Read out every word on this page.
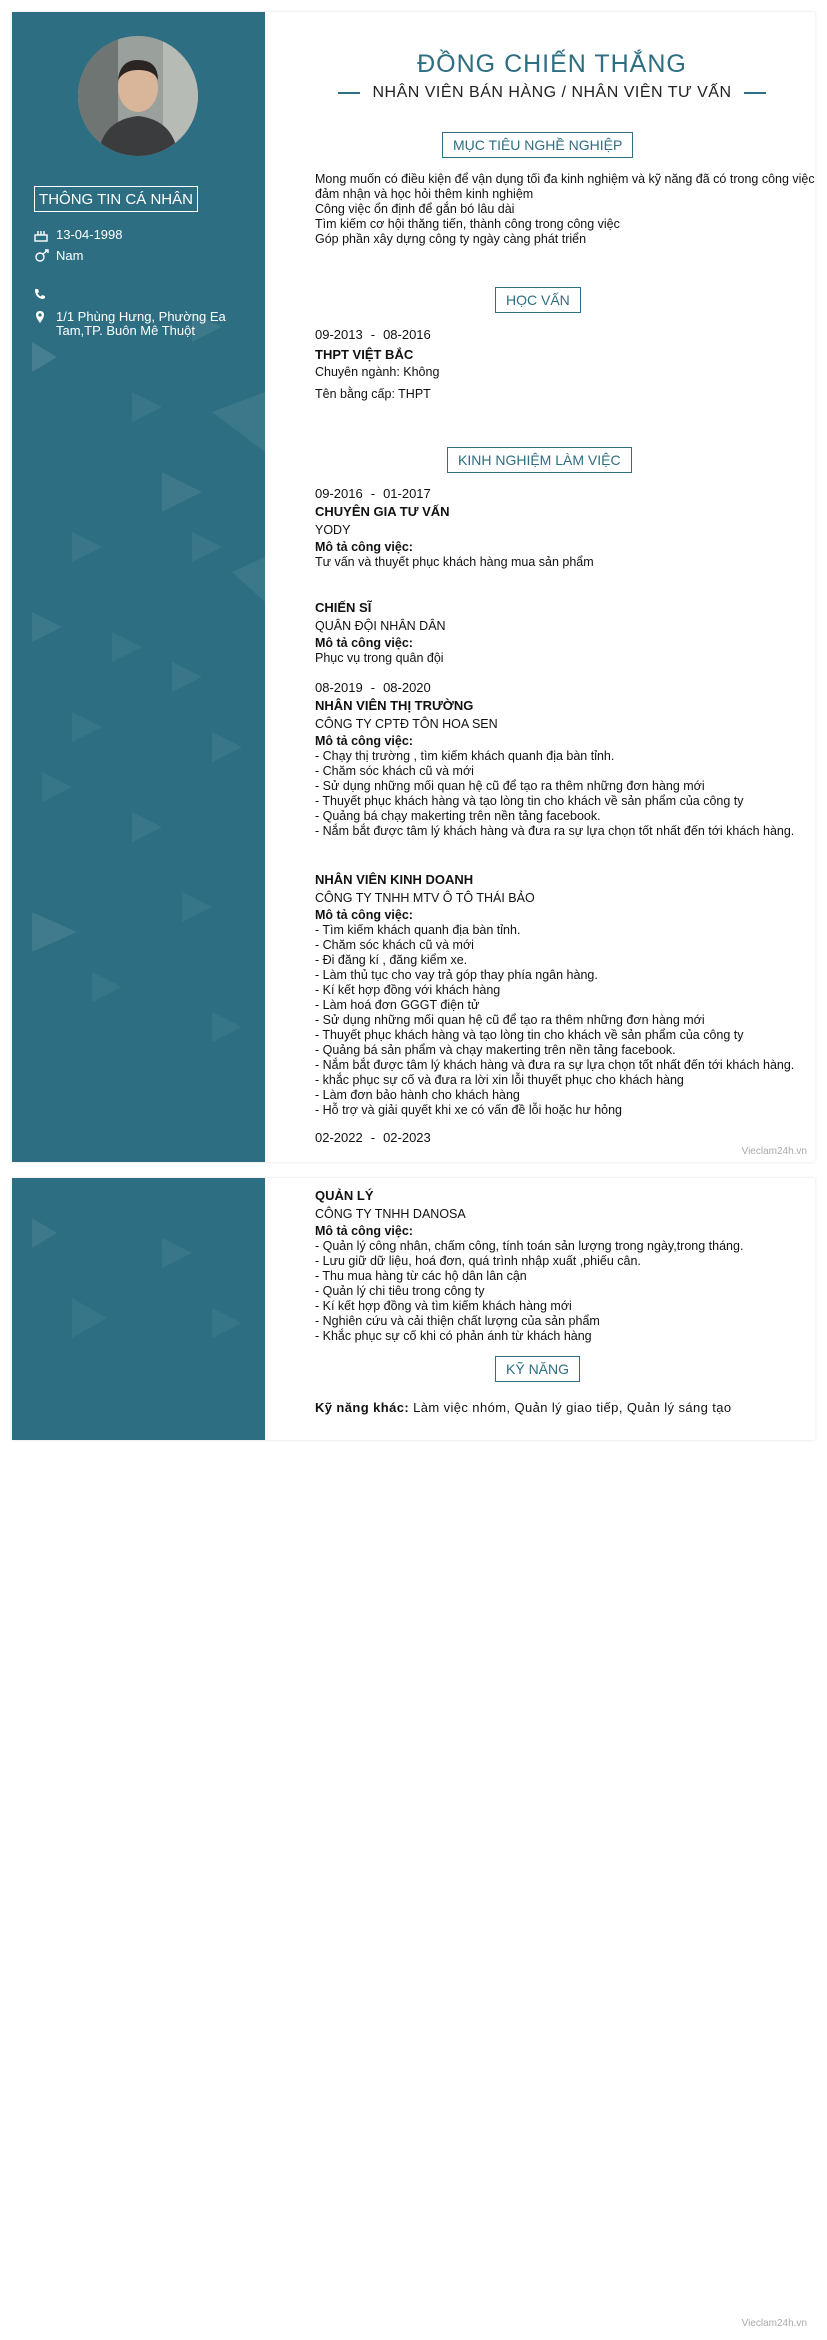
THÔNG TIN CÁ NHÂN
13-04-1998
Nam
1/1 Phùng Hưng, Phường Ea
Tam,TP. Buôn Mê Thuột
ĐỒNG CHIẾN THẮNG
NHÂN VIÊN BÁN HÀNG / NHÂN VIÊN TƯ VẤN
MỤC TIÊU NGHỀ NGHIỆP
Mong muốn có điều kiện để vận dụng tối đa kinh nghiệm và kỹ năng đã có trong công việc
đảm nhận và học hỏi thêm kinh nghiệm
Công việc ổn định để gắn bó lâu dài
Tìm kiếm cơ hội thăng tiến, thành công trong công việc
Góp phần xây dựng công ty ngày càng phát triển
HỌC VẤN
09-2013 - 08-2016
THPT VIỆT BẮC
Chuyên ngành: Không
Tên bằng cấp: THPT
KINH NGHIỆM LÀM VIỆC
09-2016 - 01-2017
CHUYÊN GIA TƯ VẤN
YODY
Mô tả công việc:
Tư vấn và thuyết phục khách hàng mua sản phẩm
CHIẾN SĨ
QUÂN ĐỘI NHÂN DÂN
Mô tả công việc:
Phục vụ trong quân đội
08-2019 - 08-2020
NHÂN VIÊN THỊ TRƯỜNG
CÔNG TY CPTĐ TÔN HOA SEN
Mô tả công việc:
- Chạy thị trường , tìm kiếm khách quanh địa bàn tỉnh.
- Chăm sóc khách cũ và mới
- Sử dụng những mối quan hệ cũ để tạo ra thêm những đơn hàng mới
- Thuyết phục khách hàng và tạo lòng tin cho khách về sản phẩm của công ty
- Quảng bá chạy makerting trên nền tảng facebook.
- Nắm bắt được tâm lý khách hàng và đưa ra sự lựa chọn tốt nhất đến tới khách hàng.
NHÂN VIÊN KINH DOANH
CÔNG TY TNHH MTV Ô TÔ THÁI BẢO
Mô tả công việc:
- Tìm kiếm khách quanh địa bàn tỉnh.
- Chăm sóc khách cũ và mới
- Đi đăng kí , đăng kiểm xe.
- Làm thủ tục cho vay trả góp thay phía ngân hàng.
- Kí kết hợp đồng với khách hàng
- Làm hoá đơn GGGT điện tử
- Sử dụng những mối quan hệ cũ để tạo ra thêm những đơn hàng mới
- Thuyết phục khách hàng và tạo lòng tin cho khách về sản phẩm của công ty
- Quảng bá sản phẩm và chạy makerting trên nền tảng facebook.
- Nắm bắt được tâm lý khách hàng và đưa ra sự lựa chọn tốt nhất đến tới khách hàng.
- khắc phục sự cố và đưa ra lời xin lỗi thuyết phục cho khách hàng
- Làm đơn bảo hành cho khách hàng
- Hỗ trợ và giải quyết khi xe có vấn đề lỗi hoặc hư hỏng
02-2022 - 02-2023
Vieclam24h.vn
QUẢN LÝ
CÔNG TY TNHH DANOSA
Mô tả công việc:
- Quản lý công nhân, chấm công, tính toán sản lượng trong ngày,trong tháng.
- Lưu giữ dữ liệu, hoá đơn, quá trình nhập xuất ,phiếu cân.
- Thu mua hàng từ các hộ dân lân cận
- Quản lý chi tiêu trong công ty
- Kí kết hợp đồng và tìm kiếm khách hàng mới
- Nghiên cứu và cải thiện chất lượng của sản phẩm
- Khắc phục sự cố khi có phản ánh từ khách hàng
KỸ NĂNG
Kỹ năng khác: Làm việc nhóm, Quản lý giao tiếp, Quản lý sáng tạo
Vieclam24h.vn
